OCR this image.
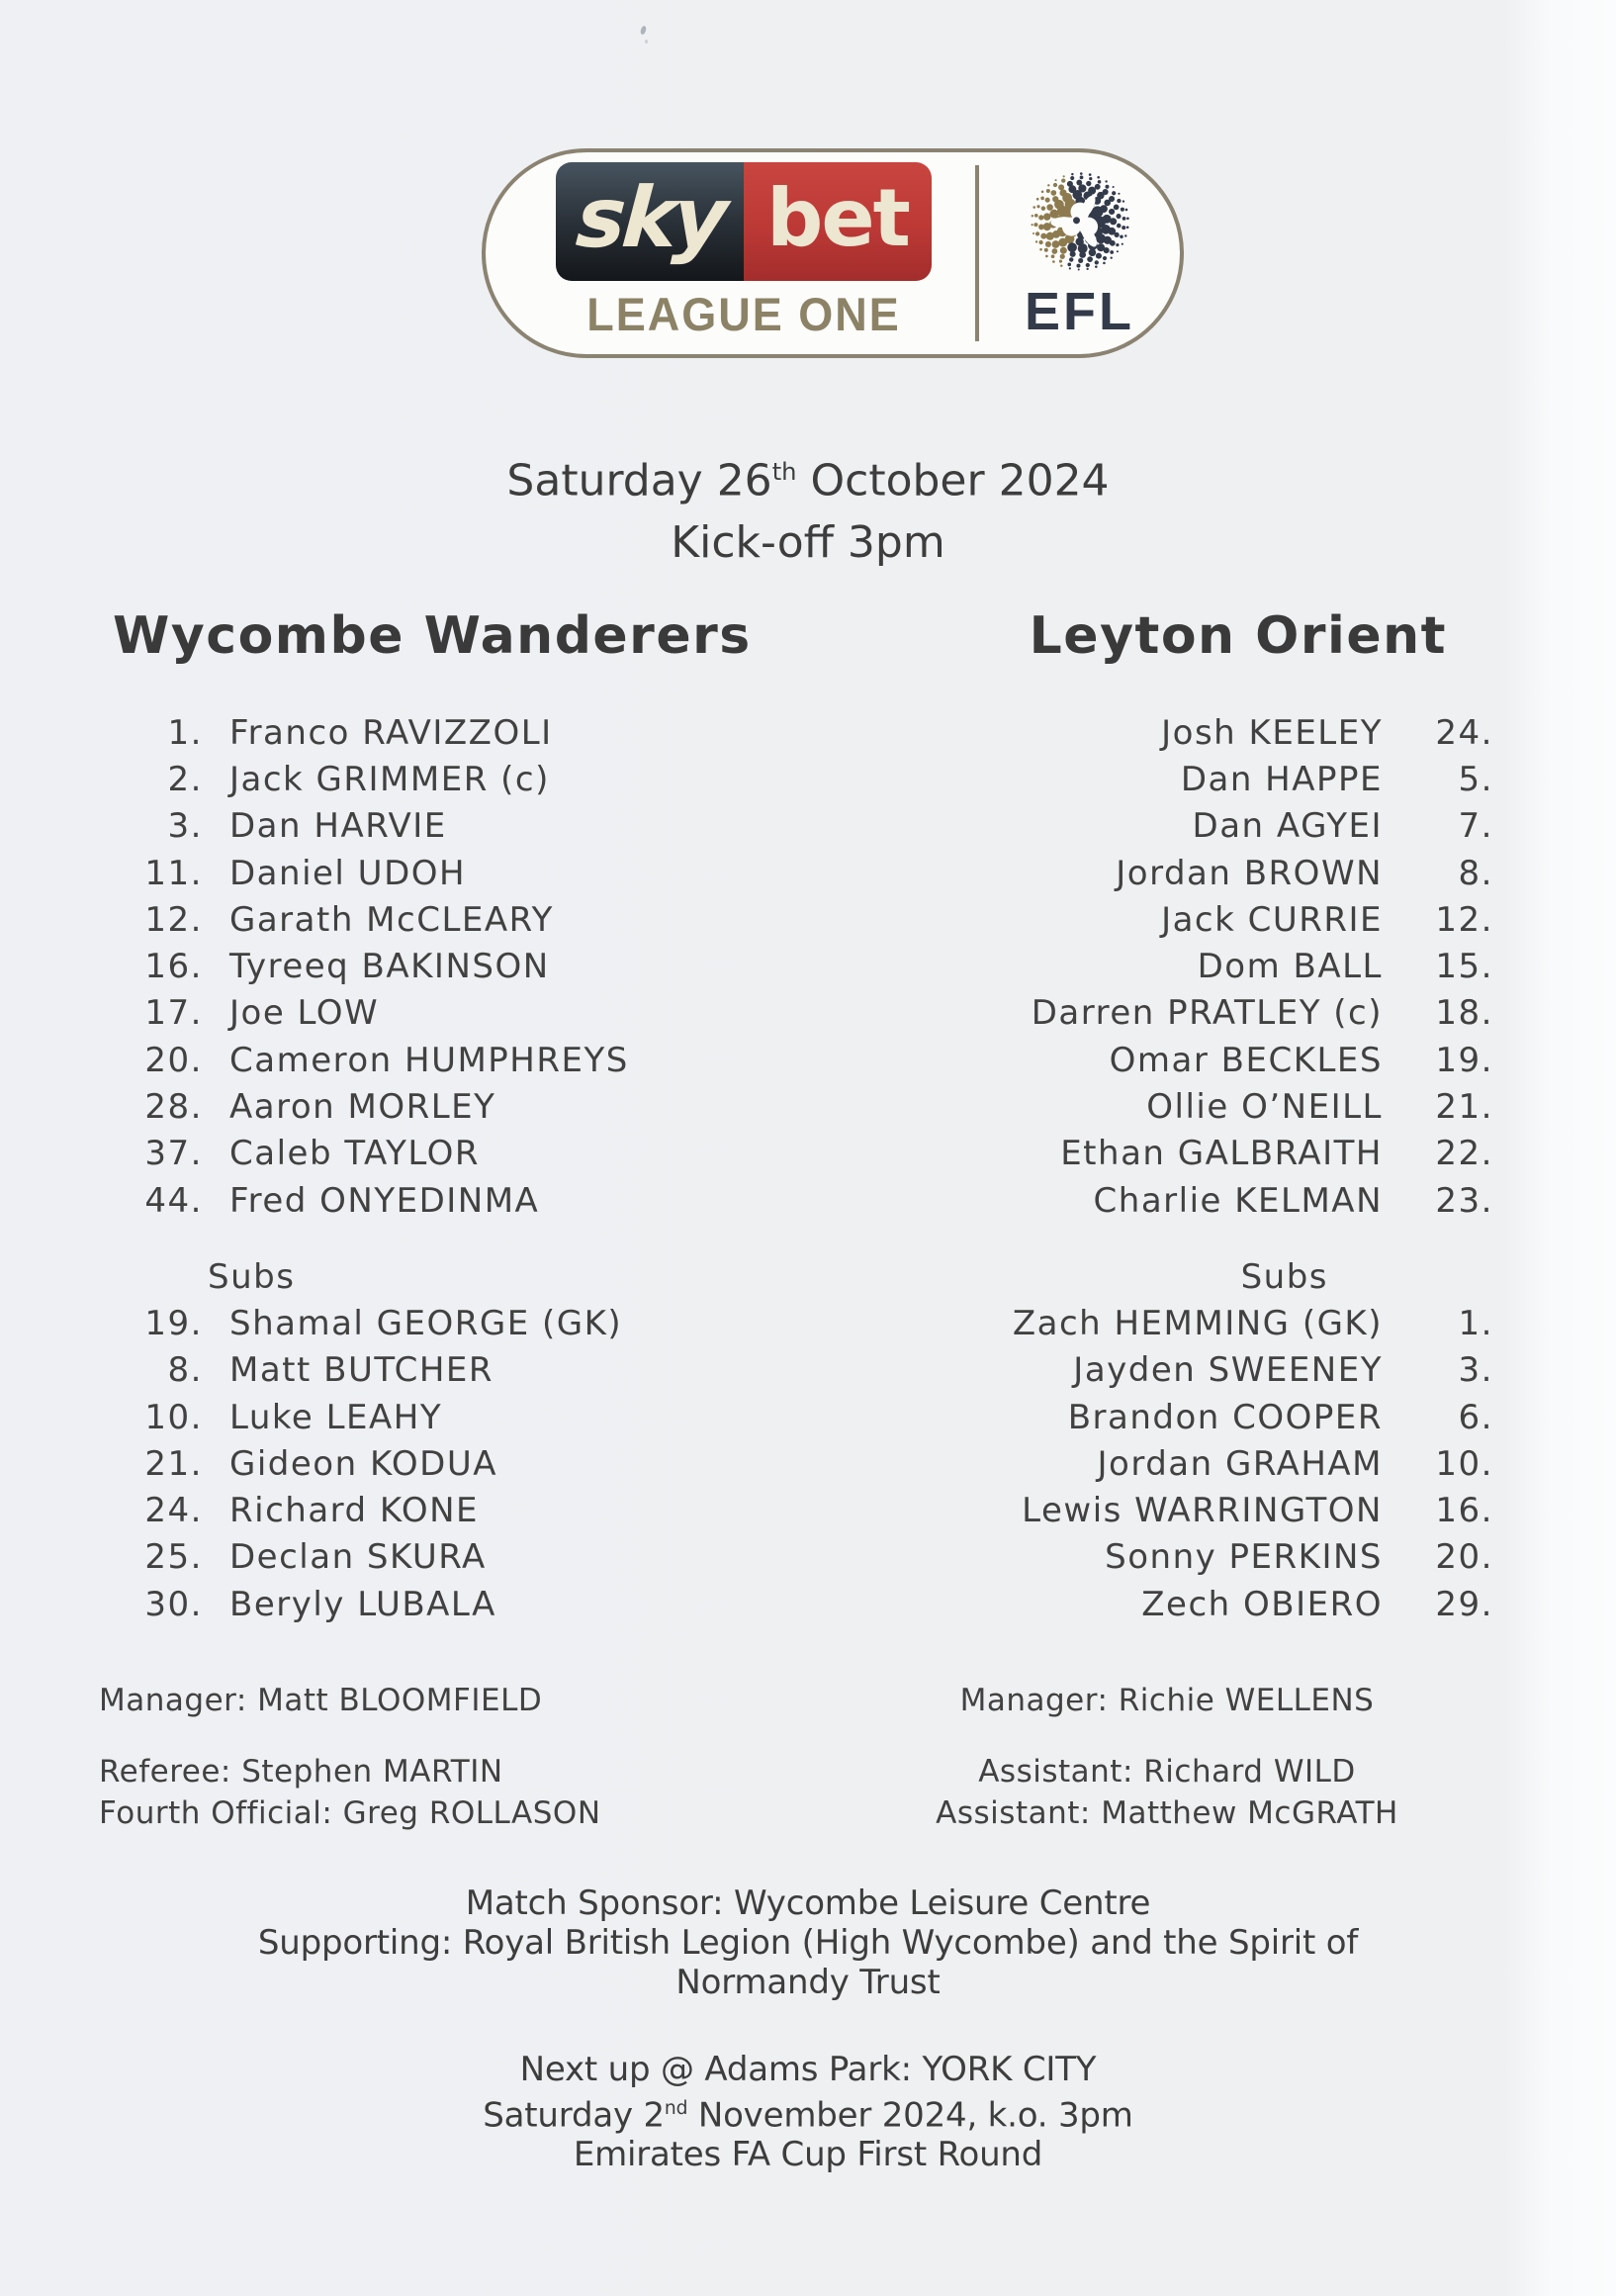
sky bet
LEAGUE ONE EFL
Saturday 26th October 2024
Kick-off 3pm
Wycombe Wanderers
1. Franco RAVIZZOLI
2. Jack GRIMMER (c)
3. Dan HARVIE
11. Daniel UDOH
12. Garath McCLEARY
16. Tyreeq BAKINSON
17. Joe LOW
20. Cameron HUMPHREYS
28. Aaron MORLEY
37. Caleb TAYLOR
44. Fred ONYEDINMA
Subs
19. Shamal GEORGE (GK)
8. Matt BUTCHER
10. Luke LEAHY
21. Gideon KODUA
24. Richard KONE
25. Declan SKURA
30. Beryly LUBALA
Leyton Orient
Josh KEELEY	24.
Dan HAPPE	5.
Dan AGYEI	7.
Jordan BROWN	8.
Jack CURRIE	12.
Dom BALL	15.
Darren PRATLEY (c)	18.
Omar BECKLES	19.
Ollie O’NEILL	21.
Ethan GALBRAITH	22.
Charlie KELMAN	23.
Subs
Zach HEMMING (GK)	1.
Jayden SWEENEY	3.
Brandon COOPER	6.
Jordan GRAHAM	10.
Lewis WARRINGTON	16.
Sonny PERKINS	20.
Zech OBIERO	29.
Manager: Matt BLOOMFIELD	Manager: Richie WELLENS
Referee: Stephen MARTIN
Fourth Official: Greg ROLLASON
Assistant: Richard WILD
Assistant: Matthew McGRATH
Match Sponsor: Wycombe Leisure Centre
Supporting: Royal British Legion (High Wycombe) and the Spirit of
Normandy Trust
Next up @ Adams Park: YORK CITY
Saturday 2nd November 2024, k.o. 3pm
Emirates FA Cup First Round
